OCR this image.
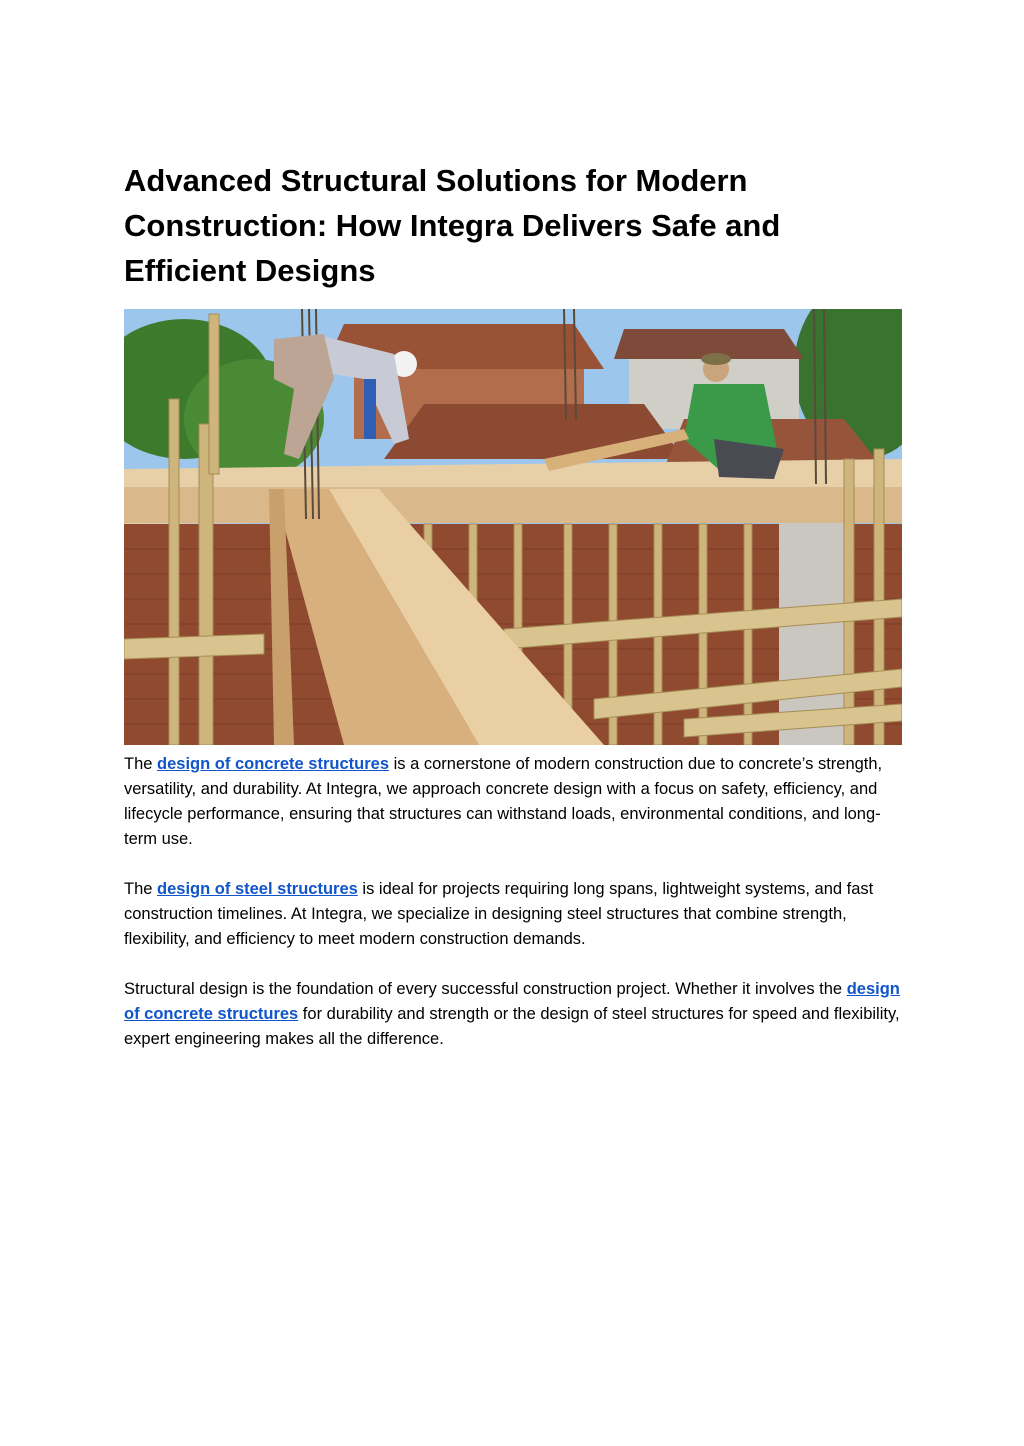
Advanced Structural Solutions for Modern Construction: How Integra Delivers Safe and Efficient Designs

The design of concrete structures is a cornerstone of modern construction due to concrete’s strength, versatility, and durability. At Integra, we approach concrete design with a focus on safety, efficiency, and lifecycle performance, ensuring that structures can withstand loads, environmental conditions, and long-term use.

The design of steel structures is ideal for projects requiring long spans, lightweight systems, and fast construction timelines. At Integra, we specialize in designing steel structures that combine strength, flexibility, and efficiency to meet modern construction demands.

Structural design is the foundation of every successful construction project. Whether it involves the design of concrete structures for durability and strength or the design of steel structures for speed and flexibility, expert engineering makes all the difference.
